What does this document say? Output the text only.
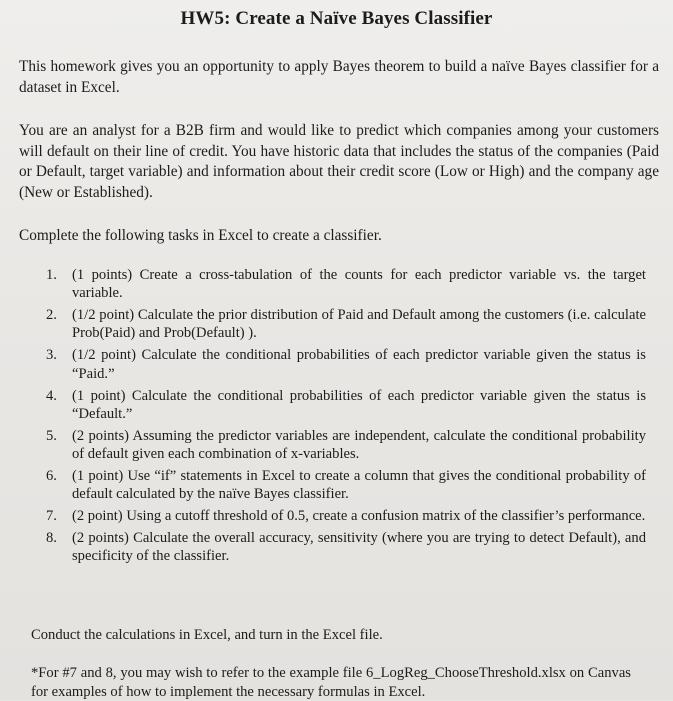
HW5: Create a Naïve Bayes Classifier
This homework gives you an opportunity to apply Bayes theorem to build a naïve Bayes classifier for a dataset in Excel.
You are an analyst for a B2B firm and would like to predict which companies among your customers will default on their line of credit. You have historic data that includes the status of the companies (Paid or Default, target variable) and information about their credit score (Low or High) and the company age (New or Established).
Complete the following tasks in Excel to create a classifier.
1. (1 points) Create a cross-tabulation of the counts for each predictor variable vs. the target variable.
2. (1/2 point) Calculate the prior distribution of Paid and Default among the customers (i.e. calculate Prob(Paid) and Prob(Default) ).
3. (1/2 point) Calculate the conditional probabilities of each predictor variable given the status is “Paid.”
4. (1 point) Calculate the conditional probabilities of each predictor variable given the status is “Default.”
5. (2 points) Assuming the predictor variables are independent, calculate the conditional probability of default given each combination of x-variables.
6. (1 point) Use “if” statements in Excel to create a column that gives the conditional probability of default calculated by the naïve Bayes classifier.
7. (2 point) Using a cutoff threshold of 0.5, create a confusion matrix of the classifier’s performance.
8. (2 points) Calculate the overall accuracy, sensitivity (where you are trying to detect Default), and specificity of the classifier.
Conduct the calculations in Excel, and turn in the Excel file.
*For #7 and 8, you may wish to refer to the example file 6_LogReg_ChooseThreshold.xlsx on Canvas for examples of how to implement the necessary formulas in Excel.
